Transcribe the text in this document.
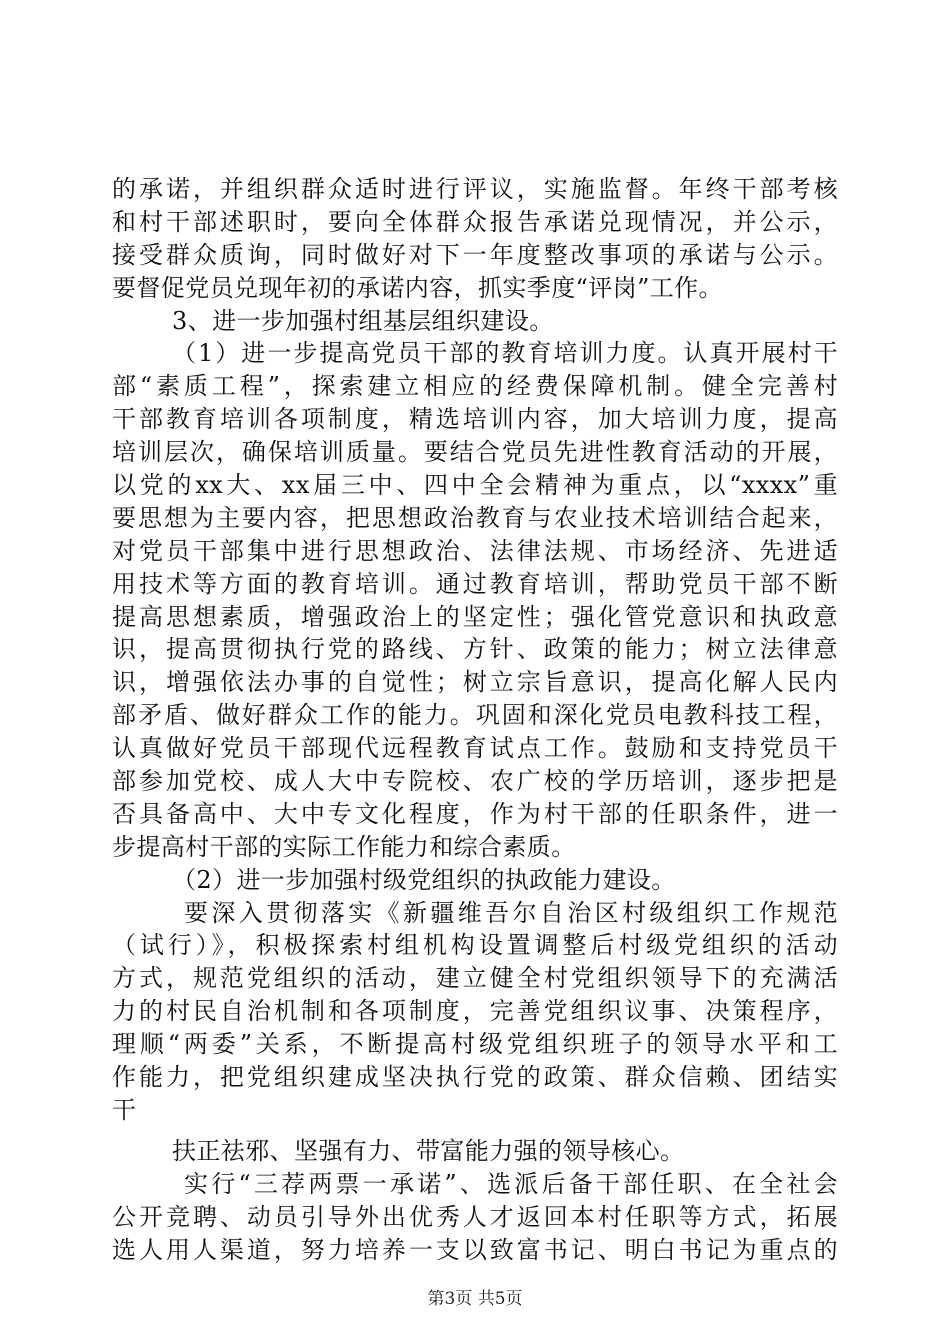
的承诺，并组织群众适时进行评议，实施监督。年终干部考核
和村干部述职时，要向全体群众报告承诺兑现情况，并公示，
接受群众质询，同时做好对下一年度整改事项的承诺与公示。
要督促党员兑现年初的承诺内容，抓实季度“评岗”工作。
3、进一步加强村组基层组织建设。
（1）进一步提高党员干部的教育培训力度。认真开展村干
部“素质工程”，探索建立相应的经费保障机制。健全完善村
干部教育培训各项制度，精选培训内容，加大培训力度，提高
培训层次，确保培训质量。要结合党员先进性教育活动的开展，
以党的xx大、xx届三中、四中全会精神为重点，以“xxxx”重
要思想为主要内容，把思想政治教育与农业技术培训结合起来，
对党员干部集中进行思想政治、法律法规、市场经济、先进适
用技术等方面的教育培训。通过教育培训，帮助党员干部不断
提高思想素质，增强政治上的坚定性；强化管党意识和执政意
识，提高贯彻执行党的路线、方针、政策的能力；树立法律意
识，增强依法办事的自觉性；树立宗旨意识，提高化解人民内
部矛盾、做好群众工作的能力。巩固和深化党员电教科技工程，
认真做好党员干部现代远程教育试点工作。鼓励和支持党员干
部参加党校、成人大中专院校、农广校的学历培训，逐步把是
否具备高中、大中专文化程度，作为村干部的任职条件，进一
步提高村干部的实际工作能力和综合素质。
（2）进一步加强村级党组织的执政能力建设。
要深入贯彻落实《新疆维吾尔自治区村级组织工作规范
（试行）》，积极探索村组机构设置调整后村级党组织的活动
方式，规范党组织的活动，建立健全村党组织领导下的充满活
力的村民自治机制和各项制度，完善党组织议事、决策程序，
理顺“两委”关系，不断提高村级党组织班子的领导水平和工
作能力，把党组织建成坚决执行党的政策、群众信赖、团结实
干
扶正祛邪、坚强有力、带富能力强的领导核心。
实行“三荐两票一承诺”、选派后备干部任职、在全社会
公开竞聘、动员引导外出优秀人才返回本村任职等方式，拓展
选人用人渠道，努力培养一支以致富书记、明白书记为重点的
第3页 共5页
